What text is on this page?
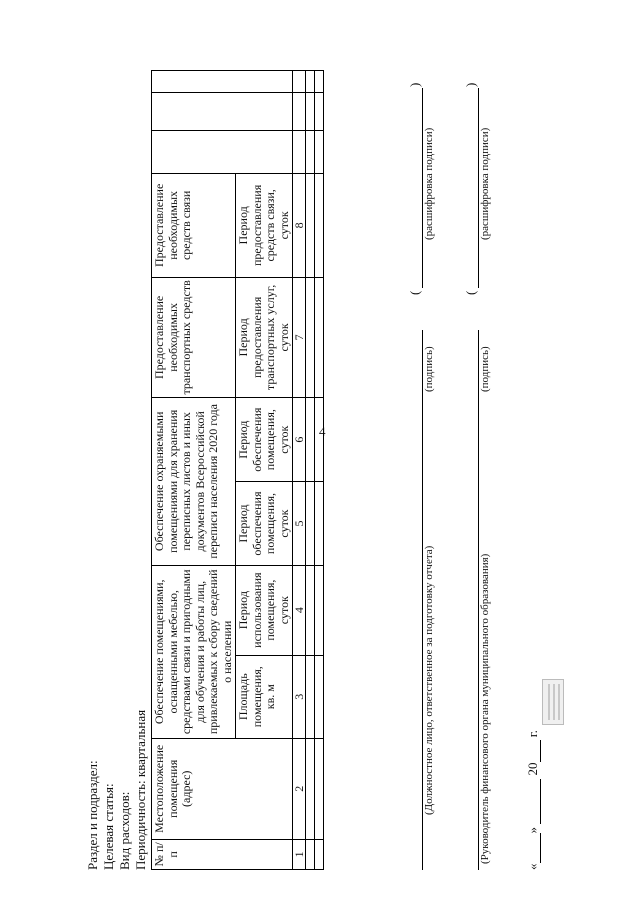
4
Раздел и подраздел: Целевая статья: Вид расходов: Периодичность: квартальная № п/п	Местоположение помещения (адрес)	Обеспечение помещениями, оснащенными мебелью, средствами связи и пригодными для обучения и работы лиц, привлекаемых к сбору сведений о населении		Обеспечение охраняемыми помещениями для хранения переписных листов и иных документов Всероссийской переписи населения 2020 года		Предоставление необходимых транспортных средств	Предоставление необходимых средств связи			
		Площадь помещения, кв. м	Период использования помещения, суток	Период обеспечения помещения, суток	Период обеспечения помещения, суток	Период предоставления транспортных услуг, суток	Период предоставления средств связи, суток			
1	2	3	4	5	6	7	8			

(Должностное лицо, ответственное за подготовку отчета)
(подпись)
(
)
(расшифровка подписи)
(Руководитель финансового органа муниципального образования)
(подпись)
(
)
(расшифровка подписи)
«»  20 г.
